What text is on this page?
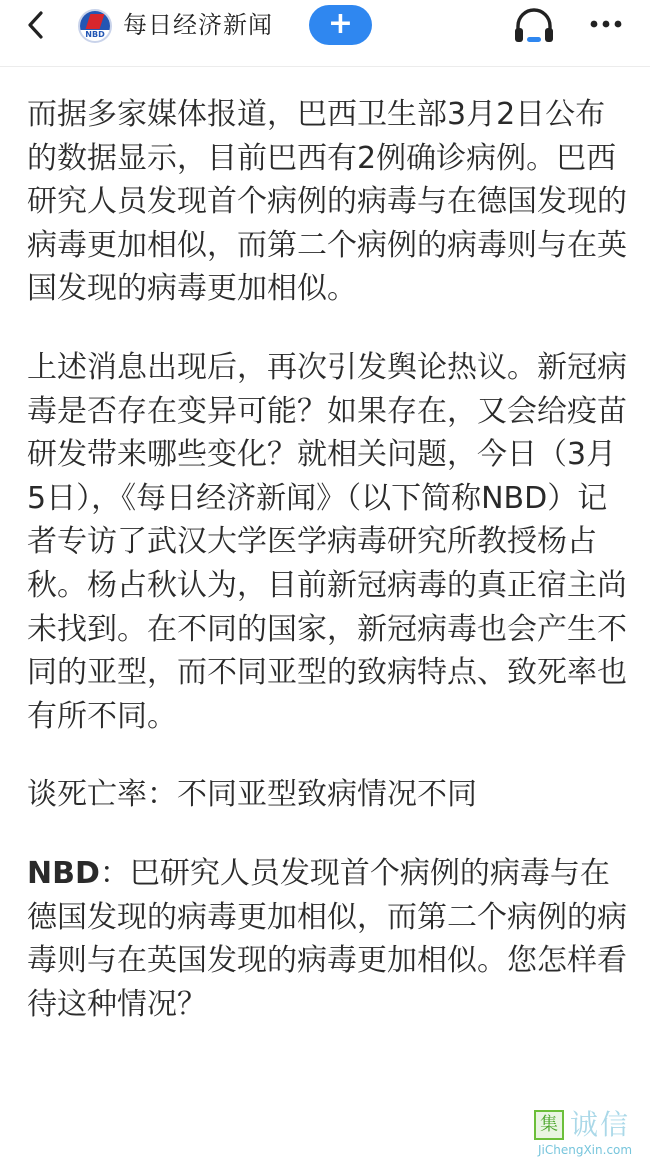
NBD 每日经济新闻	+

而据多家媒体报道，巴西卫生部3月2日公布的数据显示，目前巴西有2例确诊病例。巴西研究人员发现首个病例的病毒与在德国发现的病毒更加相似，而第二个病例的病毒则与在英国发现的病毒更加相似。

上述消息出现后，再次引发舆论热议。新冠病毒是否存在变异可能？如果存在，又会给疫苗研发带来哪些变化？就相关问题，今日（3月5日），《每日经济新闻》（以下简称NBD）记者专访了武汉大学医学病毒研究所教授杨占秋。杨占秋认为，目前新冠病毒的真正宿主尚未找到。在不同的国家，新冠病毒也会产生不同的亚型，而不同亚型的致病特点、致死率也有所不同。

谈死亡率：不同亚型致病情况不同

NBD：巴研究人员发现首个病例的病毒与在德国发现的病毒更加相似，而第二个病例的病毒则与在英国发现的病毒更加相似。您怎样看待这种情况？

集 诚信
JiChengXin.com
